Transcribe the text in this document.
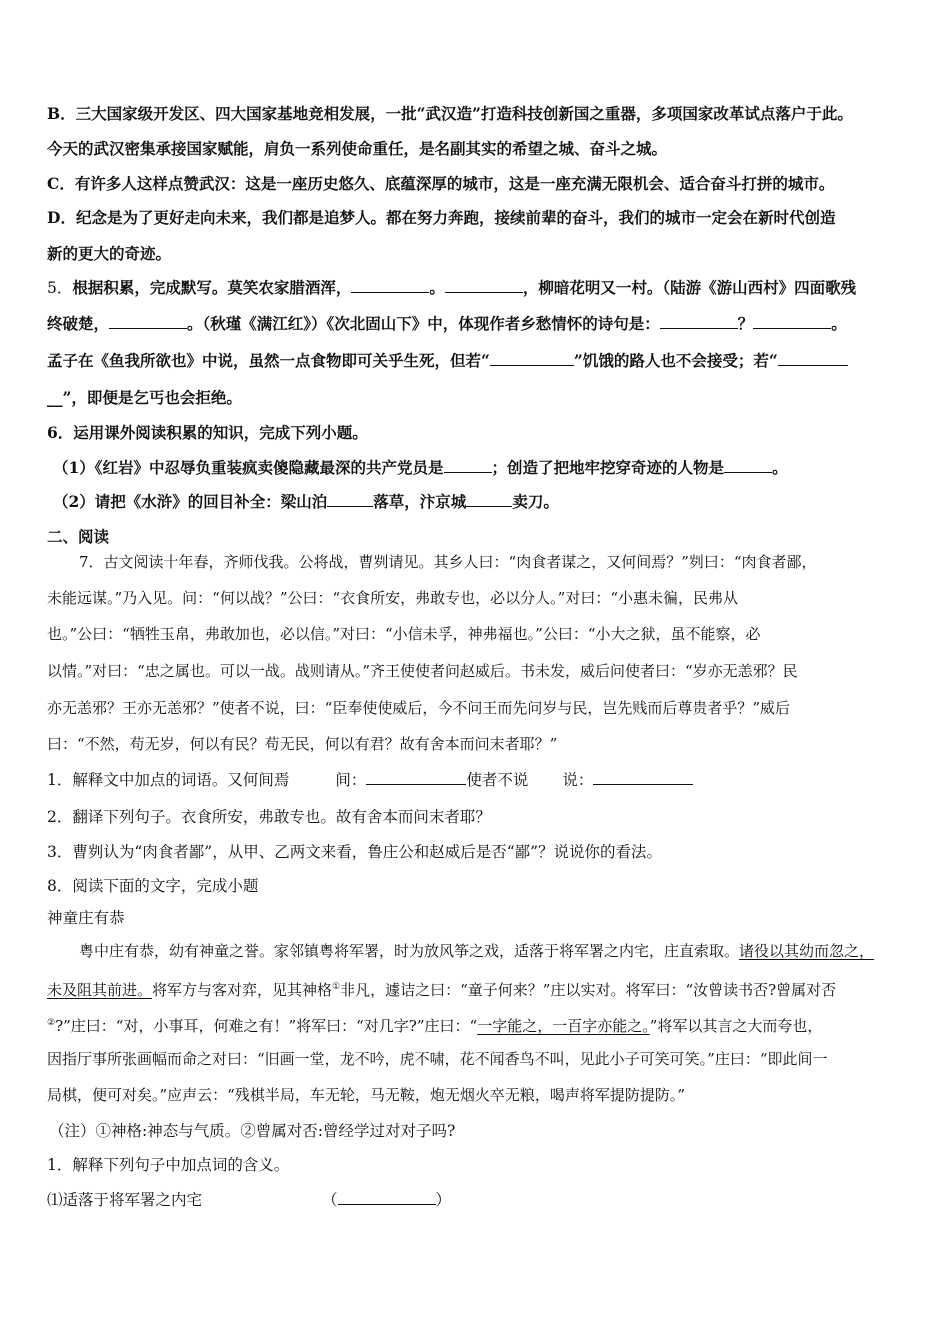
B．三大国家级开发区、四大国家基地竞相发展，一批“武汉造”打造科技创新国之重器，多项国家改革试点落户于此。
今天的武汉密集承接国家赋能，肩负一系列使命重任，是名副其实的希望之城、奋斗之城。
C．有许多人这样点赞武汉：这是一座历史悠久、底蕴深厚的城市，这是一座充满无限机会、适合奋斗打拼的城市。
D．纪念是为了更好走向未来，我们都是追梦人。都在努力奔跑，接续前辈的奋斗，我们的城市一定会在新时代创造
新的更大的奇迹。
5．根据积累，完成默写。莫笑农家腊酒浑，	。	，柳暗花明又一村。（陆游《游山西村》四面歌残
终破楚，	。（秋瑾《满江红》）《次北固山下》中，体现作者乡愁情怀的诗句是：	？	。
孟子在《鱼我所欲也》中说，虽然一点食物即可关乎生死，但若“	”饥饿的路人也不会接受；若“
__”，即便是乞丐也会拒绝。
6．运用课外阅读积累的知识，完成下列小题。
（1）《红岩》中忍辱负重装疯卖傻隐藏最深的共产党员是	；创造了把地牢挖穿奇迹的人物是	。
（2）请把《水浒》的回目补全：梁山泊	落草，汴京城	卖刀。
二、阅读
7．古文阅读十年春，齐师伐我。公将战，曹刿请见。其乡人曰：“肉食者谋之，又何间焉？”刿曰：“肉食者鄙，
未能远谋。”乃入见。问：“何以战？”公曰：“衣食所安，弗敢专也，必以分人。”对曰：“小惠未徧，民弗从
也。”公曰：“牺牲玉帛，弗敢加也，必以信。”对曰：“小信未孚，神弗福也。”公曰：“小大之狱，虽不能察，必
以情。”对曰：“忠之属也。可以一战。战则请从。”齐王使使者问赵威后。书未发，威后问使者曰：“岁亦无恙邪？民
亦无恙邪？王亦无恙邪？”使者不说，曰：“臣奉使使威后，今不问王而先问岁与民，岂先贱而后尊贵者乎？”威后
曰：“不然，苟无岁，何以有民？苟无民，何以有君？故有舍本而问末者耶？”
1．解释文中加点的词语。又何间焉	间：	使者不说 说：
2．翻译下列句子。衣食所安，弗敢专也。故有舍本而问末者耶？
3．曹刿认为“肉食者鄙”，从甲、乙两文来看，鲁庄公和赵威后是否“鄙”？说说你的看法。
8．阅读下面的文字，完成小题
神童庄有恭
粤中庄有恭，幼有神童之誉。家邻镇粤将军署，时为放风筝之戏，适落于将军署之内宅，庄直索取。诸役以其幼而忽之，
未及阻其前进。将军方与客对弈，见其神格①非凡，遽诘之曰：“童子何来？”庄以实对。将军曰：“汝曾读书否?曾属对否
②?”庄曰：“对，小事耳，何难之有！”将军曰：“对几字?”庄曰：“一字能之，一百字亦能之。”将军以其言之大而夸也，
因指厅事所张画幅而命之对曰：“旧画一堂，龙不吟，虎不啸，花不闻香鸟不叫，见此小子可笑可笑。”庄曰：“即此间一
局棋，便可对矣。”应声云：“残棋半局，车无轮，马无鞍，炮无烟火卒无粮，喝声将军提防提防。”
（注）①神格:神态与气质。②曾属对否:曾经学过对对子吗?
1．解释下列句子中加点词的含义。
⑴适落于将军署之内宅	（	）
